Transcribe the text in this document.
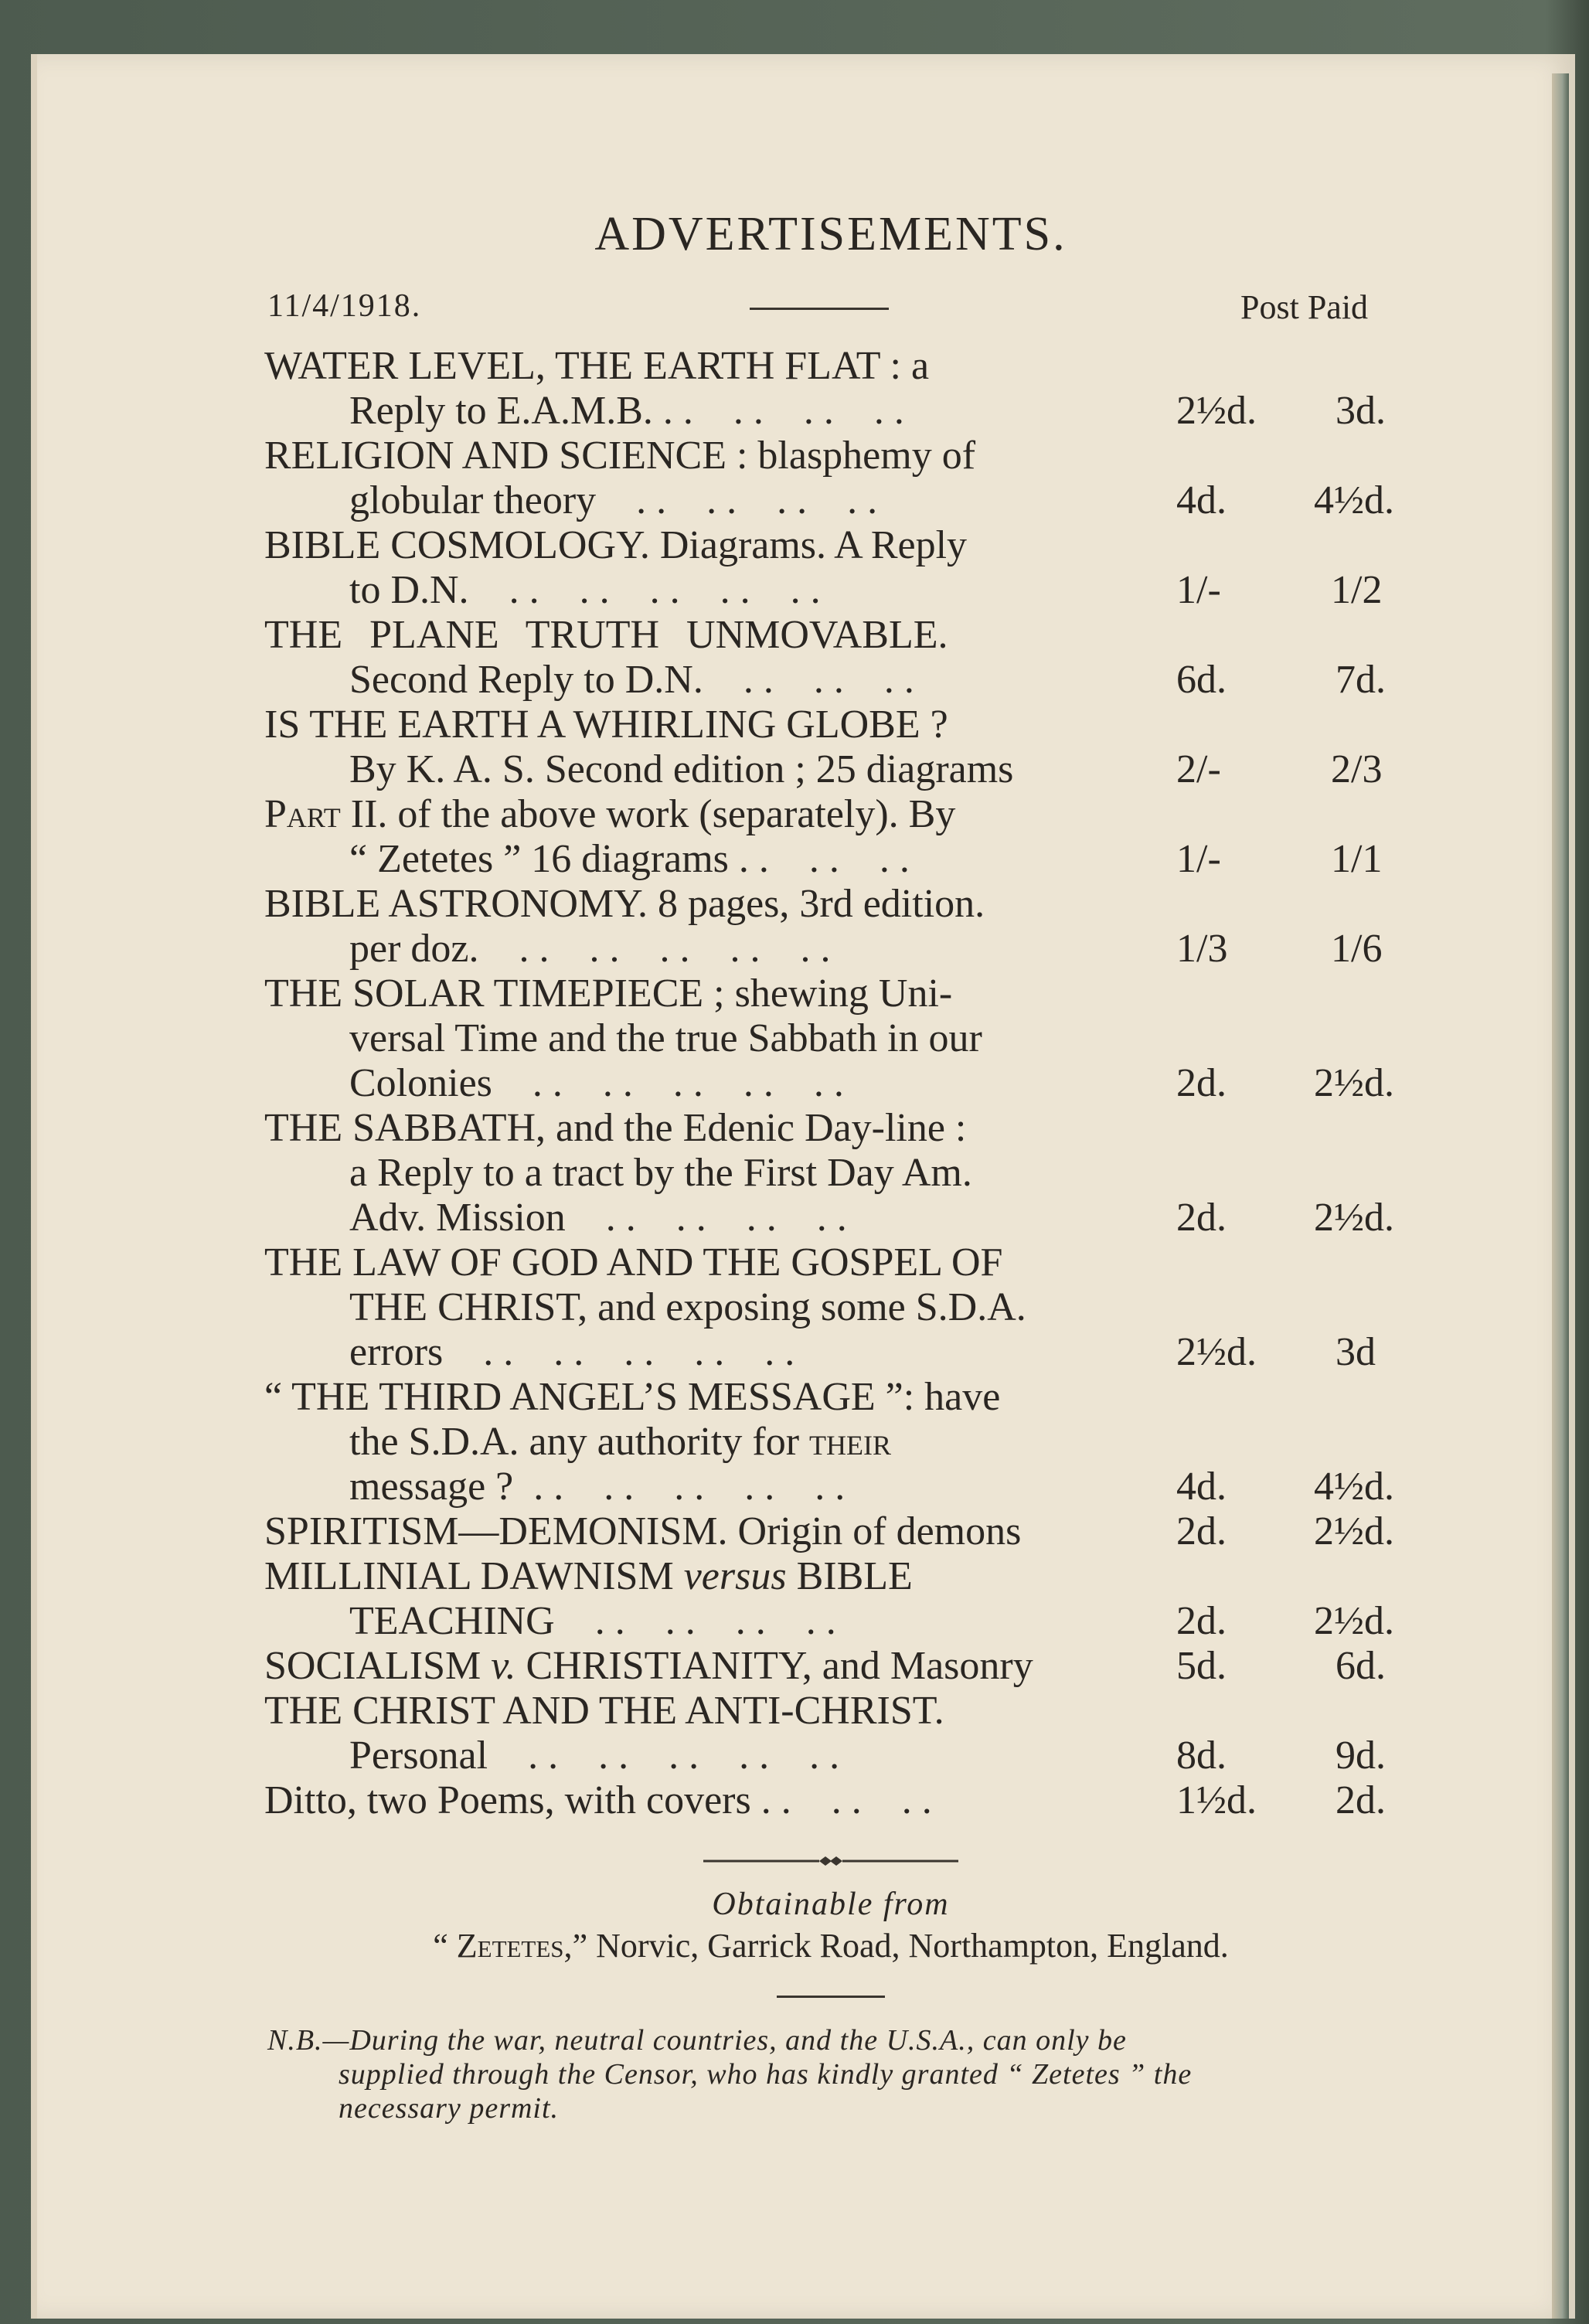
ADVERTISEMENTS.
11/4/1918.	Post Paid
WATER LEVEL, THE EARTH FLAT : a
Reply to E.A.M.B. . .    . .    . .    . .	2½d. 3d.
RELIGION AND SCIENCE : blasphemy of
globular theory    . .    . .    . .    . .	4d. 4½d.
BIBLE COSMOLOGY. Diagrams. A Reply
to D.N.    . .    . .    . .    . .    . .	1/-	1/2
THE PLANE TRUTH UNMOVABLE.
Second Reply to D.N.    . .    . .    . .	6d.	7d.
IS THE EARTH A WHIRLING GLOBE ?
By K. A. S. Second edition ; 25 diagrams	2/-	2/3
Part II. of the above work (separately). By
“ Zetetes ” 16 diagrams . .    . .    . .	1/-	1/1
BIBLE ASTRONOMY. 8 pages, 3rd edition.
per doz.    . .    . .    . .    . .    . .	1/3	1/6
THE SOLAR TIMEPIECE ; shewing Uni-
versal Time and the true Sabbath in our
Colonies    . .    . .    . .    . .    . .	2d. 2½d.
THE SABBATH, and the Edenic Day-line :
a Reply to a tract by the First Day Am.
Adv. Mission    . .    . .    . .    . .	2d. 2½d.
THE LAW OF GOD AND THE GOSPEL OF
THE CHRIST, and exposing some S.D.A.
errors    . .    . .    . .    . .    . .	2½d. 3d
“ THE THIRD ANGEL’S MESSAGE ”: have
the S.D.A. any authority for their
message ?  . .    . .    . .    . .    . .	4d. 4½d.
SPIRITISM—DEMONISM. Origin of demons	2d. 2½d.
MILLINIAL DAWNISM versus BIBLE
TEACHING    . .    . .    . .    . .	2d. 2½d.
SOCIALISM v. CHRISTIANITY, and Masonry	5d.	6d.
THE CHRIST AND THE ANTI-CHRIST.
Personal    . .    . .    . .    . .    . .	8d.	9d.
Ditto, two Poems, with covers . .    . .    . .	1½d. 2d.
Obtainable from
“ Zetetes,” Norvic, Garrick Road, Northampton, England.
N.B.—During the war, neutral countries, and the U.S.A., can only be
supplied through the Censor, who has kindly granted “ Zetetes ” the
necessary permit.
